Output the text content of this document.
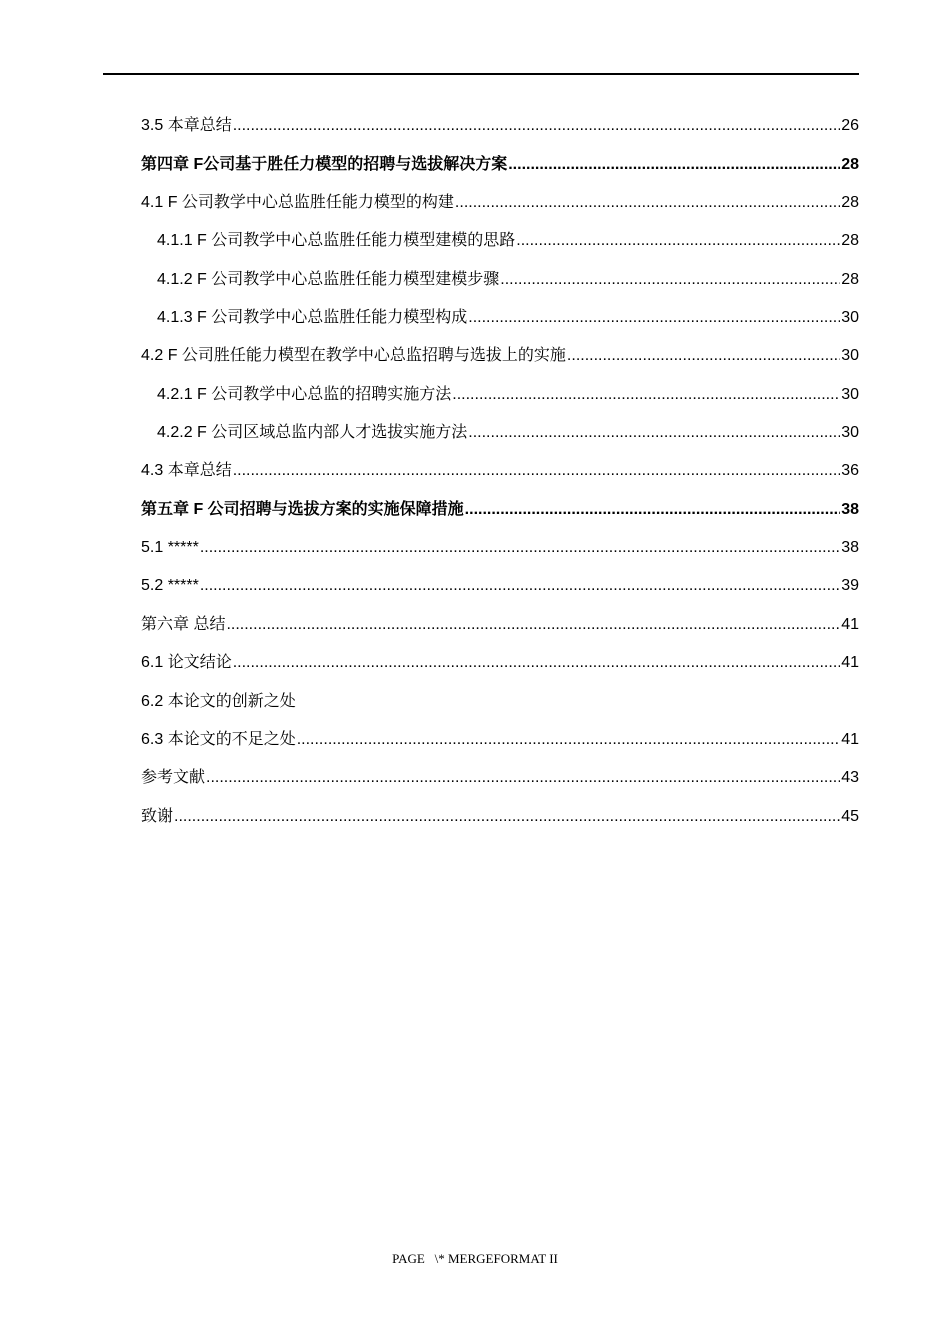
3.5 本章总结 .....	26
第四章 F公司基于胜任力模型的招聘与选拔解决方案 .....	28
4.1 F 公司教学中心总监胜任能力模型的构建 .....	28
4.1.1 F 公司教学中心总监胜任能力模型建模的思路 .....	28
4.1.2 F 公司教学中心总监胜任能力模型建模步骤 .....	28
4.1.3 F 公司教学中心总监胜任能力模型构成 .....	30
4.2 F 公司胜任能力模型在教学中心总监招聘与选拔上的实施 .....	30
4.2.1 F 公司教学中心总监的招聘实施方法 .....	30
4.2.2 F 公司区域总监内部人才选拔实施方法 .....	30
4.3 本章总结 .....	36
第五章 F 公司招聘与选拔方案的实施保障措施 .....	38
5.1 ***** .....	38
5.2 ***** .....	39
第六章 总结 .....	41
6.1 论文结论 .....	41
6.2 本论文的创新之处
6.3 本论文的不足之处 .....	41
参考文献 .....	43
致谢 .....	45
PAGE   \* MERGEFORMAT II
